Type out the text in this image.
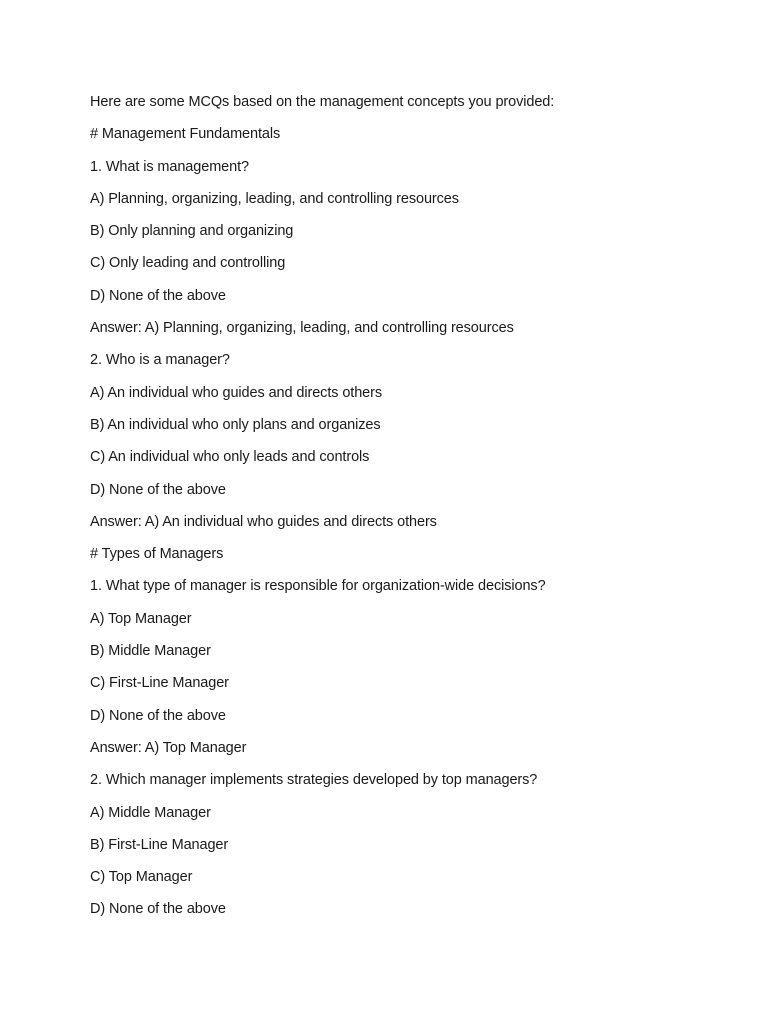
Here are some MCQs based on the management concepts you provided:
# Management Fundamentals
1. What is management?
A) Planning, organizing, leading, and controlling resources
B) Only planning and organizing
C) Only leading and controlling
D) None of the above
Answer: A) Planning, organizing, leading, and controlling resources
2. Who is a manager?
A) An individual who guides and directs others
B) An individual who only plans and organizes
C) An individual who only leads and controls
D) None of the above
Answer: A) An individual who guides and directs others
# Types of Managers
1. What type of manager is responsible for organization-wide decisions?
A) Top Manager
B) Middle Manager
C) First-Line Manager
D) None of the above
Answer: A) Top Manager
2. Which manager implements strategies developed by top managers?
A) Middle Manager
B) First-Line Manager
C) Top Manager
D) None of the above
